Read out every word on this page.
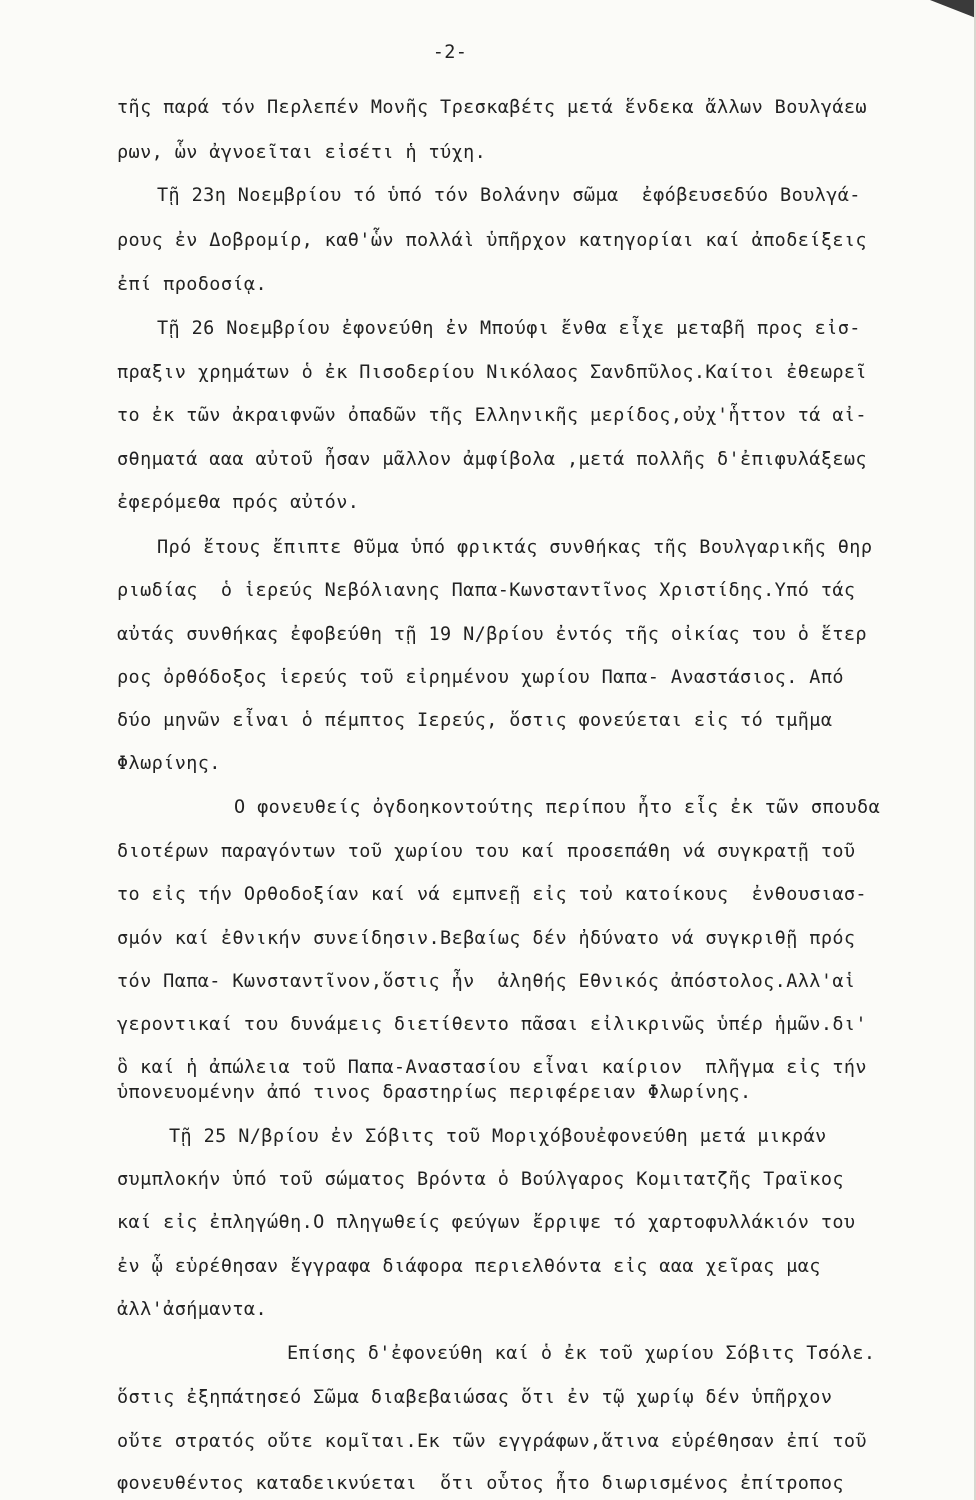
-2-
τῆς παρά τόν Περλεπέν Μονῆς Τρεσκαβέτς μετά ἕνδεκα ἄλλων Βουλγάεω
ρων, ὧν ἀγνοεῖται εἰσέτι ἡ τύχη.
Τῇ 23η Νοεμβρίου τό ὑπό τόν Βολάνην σῶμα  ἐφόβευσεδύο Βουλγά-
ρους ἐν Δοβρομίρ, καθ'ὧν πολλάὶ ὑπῆρχον κατηγορίαι καί ἀποδείξεις
ἐπί προδοσίᾳ.
Τῇ 26 Νοεμβρίου ἐφονεύθη ἐν Μπούφι ἔνθα εἶχε μεταβῆ προς εἰσ-
πραξιν χρημάτων ὁ ἐκ Πισοδερίου Νικόλαος Σανδπῦλος.Καίτοι ἐθεωρεῖ
το ἐκ τῶν ἀκραιφνῶν ὀπαδῶν τῆς Ελληνικῆς μερίδος,οὐχ'ἧττον τά αἰ-
σθηματά ααα αὐτοῦ ἦσαν μᾶλλον ἀμφίβολα ,μετά πολλῆς δ'ἐπιφυλάξεως
ἐφερόμεθα πρός αὐτόν.
Πρό ἔτους ἔπιπτε θῦμα ὑπό φρικτάς συνθήκας τῆς Βουλγαρικῆς θηρ
ριωδίας  ὁ ἱερεύς Νεβόλιανης Παπα-Κωνσταντῖνος Χριστίδης.Υπό τάς
αὐτάς συνθήκας ἐφοβεύθη τῇ 19 Ν/βρίου ἐντός τῆς οἰκίας του ὁ ἕτερ
ρος ὀρθόδοξος ἱερεύς τοῦ εἰρημένου χωρίου Παπα- Αναστάσιος. Από
δύο μηνῶν εἶναι ὁ πέμπτος Ιερεύς, ὅστις φονεύεται εἰς τό τμῆμα
Φλωρίνης.
Ο φονευθείς ὀγδοηκοντούτης περίπου ἦτο εἷς ἐκ τῶν σπουδα
διοτέρων παραγόντων τοῦ χωρίου του καί προσεπάθη νά συγκρατῇ τοῦ
το εἰς τήν Ορθοδοξίαν καί νά εμπνεῇ εἰς τοὐ κατοίκους  ἐνθουσιασ-
σμόν καί ἐθνικήν συνείδησιν.Βεβαίως δέν ἠδύνατο νά συγκριθῇ πρός
τόν Παπα- Κωνσταντῖνον,ὅστις ἦν  ἀληθής Εθνικός ἀπόστολος.Αλλ'αἱ
γεροντικαί του δυνάμεις διετίθεντο πᾶσαι εἰλικρινῶς ὑπέρ ἡμῶν.δι'
ὃ καί ἡ ἀπώλεια τοῦ Παπα-Αναστασίου εἶναι καίριον  πλῆγμα εἰς τήν
ὑπονευομένην ἀπό τινος δραστηρίως περιφέρειαν Φλωρίνης.
Τῇ 25 Ν/βρίου ἐν Σόβιτς τοῦ Μοριχόβουἐφονεύθη μετά μικράν
συμπλοκήν ὑπό τοῦ σώματος Βρόντα ὁ Βούλγαρος Κομιτατζῆς Τραϊκος
καί εἰς ἐπληγώθη.Ο πληγωθείς φεύγων ἔρριψε τό χαρτοφυλλάκιόν του
ἐν ᾧ εὑρέθησαν ἔγγραφα διάφορα περιελθόντα εἰς ααα χεῖρας μας
ἀλλ'ἀσήμαντα.
Επίσης δ'ἐφονεύθη καί ὁ ἐκ τοῦ χωρίου Σόβιτς Τσόλε.
ὅστις ἐξηπάτησεό Σῶμα διαβεβαιώσας ὅτι ἐν τῷ χωρίῳ δέν ὑπῆρχον
οὔτε στρατός οὔτε κομῖται.Εκ τῶν εγγράφων,ἅτινα εὑρέθησαν ἐπί τοῦ
φονευθέντος καταδεικνύεται  ὅτι οὗτος ἦτο διωρισμένος ἐπίτροπος
